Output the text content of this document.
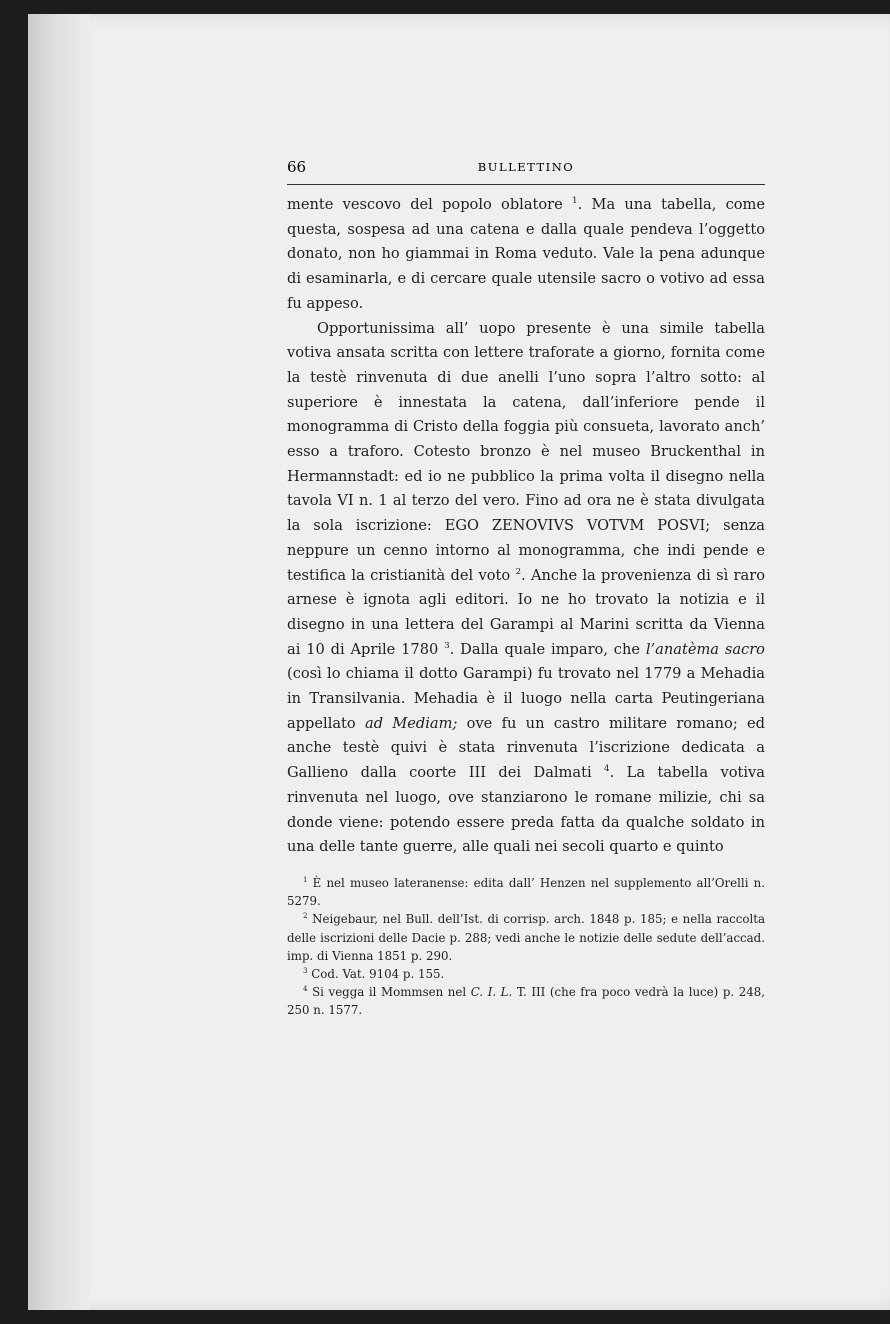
66	BULLETTINO

mente vescovo del popolo oblatore $^1$. Ma una tabella, come questa, sospesa ad una catena e dalla quale pendeva l’oggetto donato, non ho giammai in Roma veduto. Vale la pena adunque di esaminarla, e di cercare quale utensile sacro o votivo ad essa fu appeso.

Opportunissima all’ uopo presente è una simile tabella votiva ansata scritta con lettere traforate a giorno, fornita come la testè rinvenuta di due anelli l’uno sopra l’altro sotto: al superiore è innestata la catena, dall’inferiore pende il monogramma di Cristo della foggia più consueta, lavorato anch’ esso a traforo. Cotesto bronzo è nel museo Bruckenthal in Hermannstadt: ed io ne pubblico la prima volta il disegno nella tavola VI n. 1 al terzo del vero. Fino ad ora ne è stata divulgata la sola iscrizione: EGO ZENOVIVS VOTVM POSVI; senza neppure un cenno intorno al monogramma, che indi pende e testifica la cristianità del voto $^2$. Anche la provenienza di sì raro arnese è ignota agli editori. Io ne ho trovato la notizia e il disegno in una lettera del Garampi al Marini scritta da Vienna ai 10 di Aprile 1780 $^3$. Dalla quale imparo, che l’anatèma sacro (così lo chiama il dotto Garampi) fu trovato nel 1779 a Mehadia in Transilvania. Mehadia è il luogo nella carta Peutingeriana appellato ad Mediam; ove fu un castro militare romano; ed anche testè quivi è stata rinvenuta l’iscrizione dedicata a Gallieno dalla coorte III dei Dalmati $^4$. La tabella votiva rinvenuta nel luogo, ove stanziarono le romane milizie, chi sa donde viene: potendo essere preda fatta da qualche soldato in una delle tante guerre, alle quali nei secoli quarto e quinto

$^1$ È nel museo lateranense: edita dall’ Henzen nel supplemento all’Orelli n. 5279.

$^2$ Neigebaur, nel Bull. dell’Ist. di corrisp. arch. 1848 p. 185; e nella raccolta delle iscrizioni delle Dacie p. 288; vedi anche le notizie delle sedute dell’accad. imp. di Vienna 1851 p. 290.

$^3$ Cod. Vat. 9104 p. 155.

$^4$ Si vegga il Mommsen nel C. I. L. T. III (che fra poco vedrà la luce) p. 248, 250 n. 1577.
